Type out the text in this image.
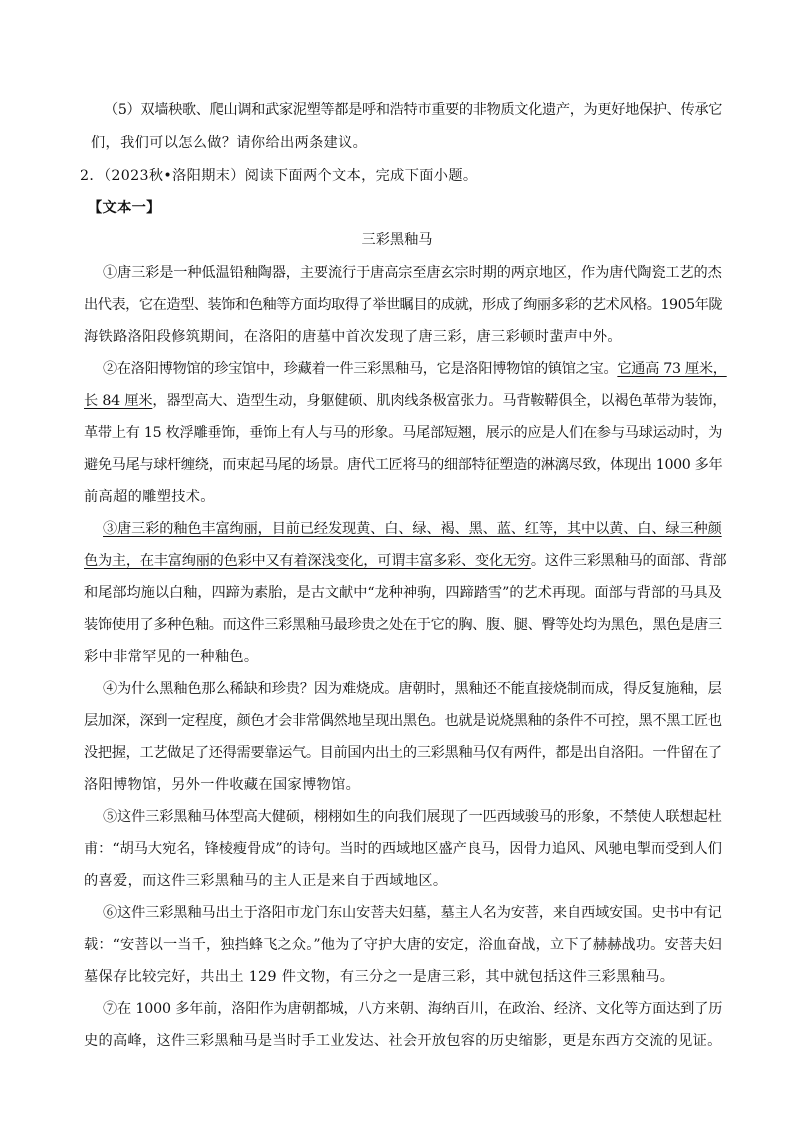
（5）双墙秧歌、爬山调和武家泥塑等都是呼和浩特市重要的非物质文化遗产，为更好地保护、传承它
们，我们可以怎么做？请你给出两条建议。
2．（2023秋•洛阳期末）阅读下面两个文本，完成下面小题。
【文本一】
三彩黑釉马
①唐三彩是一种低温铅釉陶器，主要流行于唐高宗至唐玄宗时期的两京地区，作为唐代陶瓷工艺的杰
出代表，它在造型、装饰和色釉等方面均取得了举世瞩目的成就，形成了绚丽多彩的艺术风格。1905年陇
海铁路洛阳段修筑期间，在洛阳的唐墓中首次发现了唐三彩，唐三彩顿时蜚声中外。
②在洛阳博物馆的珍宝馆中，珍藏着一件三彩黑釉马，它是洛阳博物馆的镇馆之宝。它通高 73 厘米，
长 84 厘米，器型高大、造型生动，身躯健硕、肌肉线条极富张力。马背鞍鞯俱全，以褐色革带为装饰，
革带上有 15 枚浮雕垂饰，垂饰上有人与马的形象。马尾部短翘，展示的应是人们在参与马球运动时，为
避免马尾与球杆缠绕，而束起马尾的场景。唐代工匠将马的细部特征塑造的淋漓尽致，体现出 1000 多年
前高超的雕塑技术。
③唐三彩的釉色丰富绚丽，目前已经发现黄、白、绿、褐、黑、蓝、红等，其中以黄、白、绿三种颜
色为主，在丰富绚丽的色彩中又有着深浅变化，可谓丰富多彩、变化无穷。这件三彩黑釉马的面部、背部
和尾部均施以白釉，四蹄为素胎，是古文献中“龙种神驹，四蹄踏雪”的艺术再现。面部与背部的马具及
装饰使用了多种色釉。而这件三彩黑釉马最珍贵之处在于它的胸、腹、腿、臀等处均为黑色，黑色是唐三
彩中非常罕见的一种釉色。
④为什么黑釉色那么稀缺和珍贵？因为难烧成。唐朝时，黑釉还不能直接烧制而成，得反复施釉，层
层加深，深到一定程度，颜色才会非常偶然地呈现出黑色。也就是说烧黑釉的条件不可控，黑不黑工匠也
没把握，工艺做足了还得需要靠运气。目前国内出土的三彩黑釉马仅有两件，都是出自洛阳。一件留在了
洛阳博物馆，另外一件收藏在国家博物馆。
⑤这件三彩黑釉马体型高大健硕，栩栩如生的向我们展现了一匹西域骏马的形象，不禁使人联想起杜
甫：“胡马大宛名，锋棱瘦骨成”的诗句。当时的西域地区盛产良马，因骨力追风、风驰电掣而受到人们
的喜爱，而这件三彩黑釉马的主人正是来自于西域地区。
⑥这件三彩黑釉马出土于洛阳市龙门东山安菩夫妇墓，墓主人名为安菩，来自西域安国。史书中有记
载：“安菩以一当千，独挡蜂飞之众。”他为了守护大唐的安定，浴血奋战，立下了赫赫战功。安菩夫妇
墓保存比较完好，共出土 129 件文物，有三分之一是唐三彩，其中就包括这件三彩黑釉马。
⑦在 1000 多年前，洛阳作为唐朝都城，八方来朝、海纳百川，在政治、经济、文化等方面达到了历
史的高峰，这件三彩黑釉马是当时手工业发达、社会开放包容的历史缩影，更是东西方交流的见证。
